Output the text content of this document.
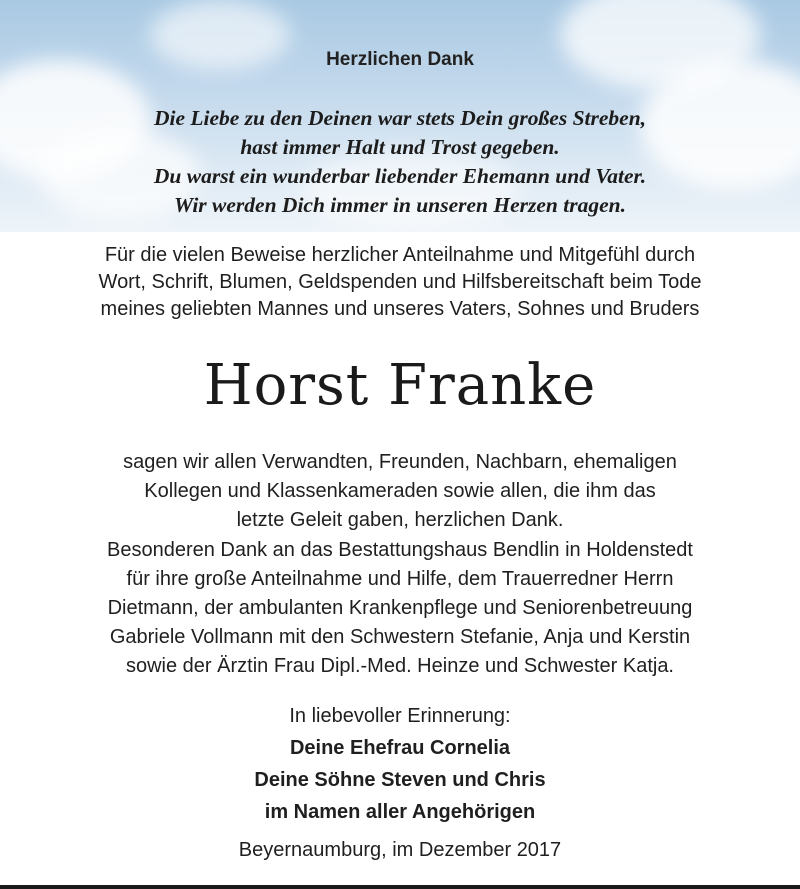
Herzlichen Dank
Die Liebe zu den Deinen war stets Dein großes Streben,
hast immer Halt und Trost gegeben.
Du warst ein wunderbar liebender Ehemann und Vater.
Wir werden Dich immer in unseren Herzen tragen.
Für die vielen Beweise herzlicher Anteilnahme und Mitgefühl durch
Wort, Schrift, Blumen, Geldspenden und Hilfsbereitschaft beim Tode
meines geliebten Mannes und unseres Vaters, Sohnes und Bruders
Horst Franke
sagen wir allen Verwandten, Freunden, Nachbarn, ehemaligen
Kollegen und Klassenkameraden sowie allen, die ihm das
letzte Geleit gaben, herzlichen Dank.
Besonderen Dank an das Bestattungshaus Bendlin in Holdenstedt
für ihre große Anteilnahme und Hilfe, dem Trauerredner Herrn
Dietmann, der ambulanten Krankenpflege und Seniorenbetreuung
Gabriele Vollmann mit den Schwestern Stefanie, Anja und Kerstin
sowie der Ärztin Frau Dipl.-Med. Heinze und Schwester Katja.
In liebevoller Erinnerung:
Deine Ehefrau Cornelia
Deine Söhne Steven und Chris
im Namen aller Angehörigen
Beyernaumburg, im Dezember 2017
